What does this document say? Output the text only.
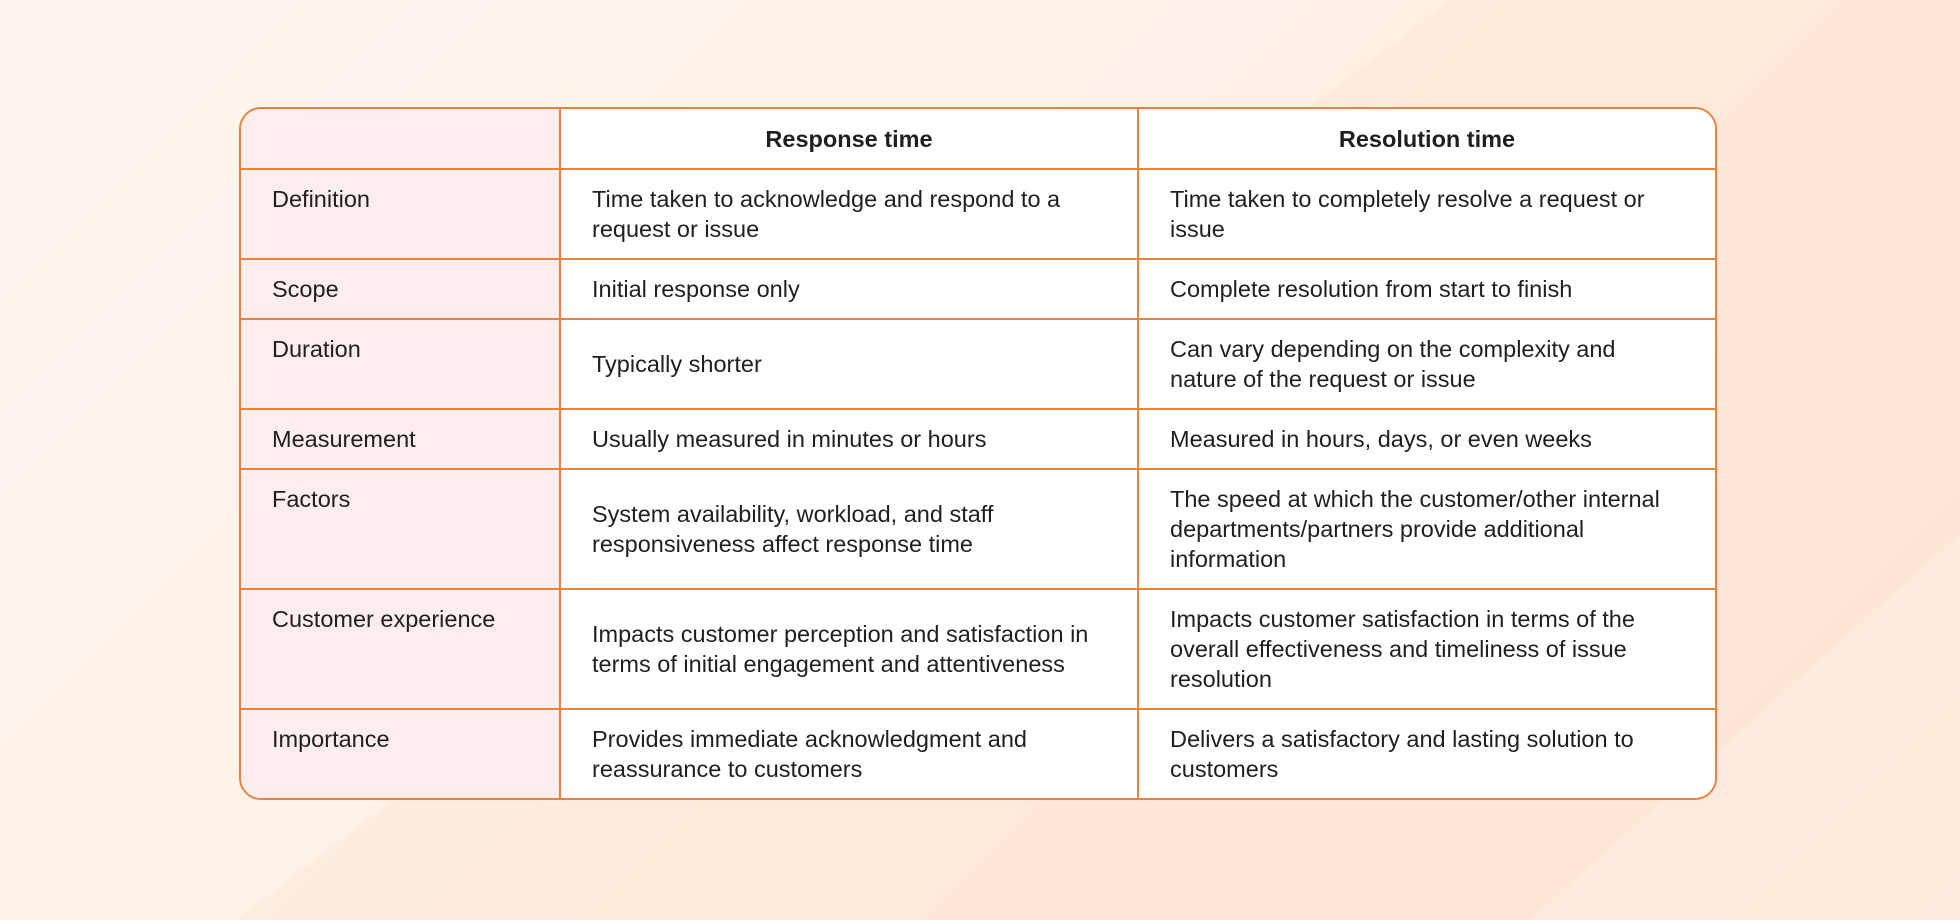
	Response time	Resolution time
Definition	Time taken to acknowledge and respond to a request or issue	Time taken to completely resolve a request or issue
Scope	Initial response only	Complete resolution from start to finish
Duration	Typically shorter	Can vary depending on the complexity and nature of the request or issue
Measurement	Usually measured in minutes or hours	Measured in hours, days, or even weeks
Factors	System availability, workload, and staff responsiveness affect response time	The speed at which the customer/other internal departments/partners provide additional information
Customer experience	Impacts customer perception and satisfaction in terms of initial engagement and attentiveness	Impacts customer satisfaction in terms of the overall effectiveness and timeliness of issue resolution
Importance	Provides immediate acknowledgment and reassurance to customers	Delivers a satisfactory and lasting solution to customers
